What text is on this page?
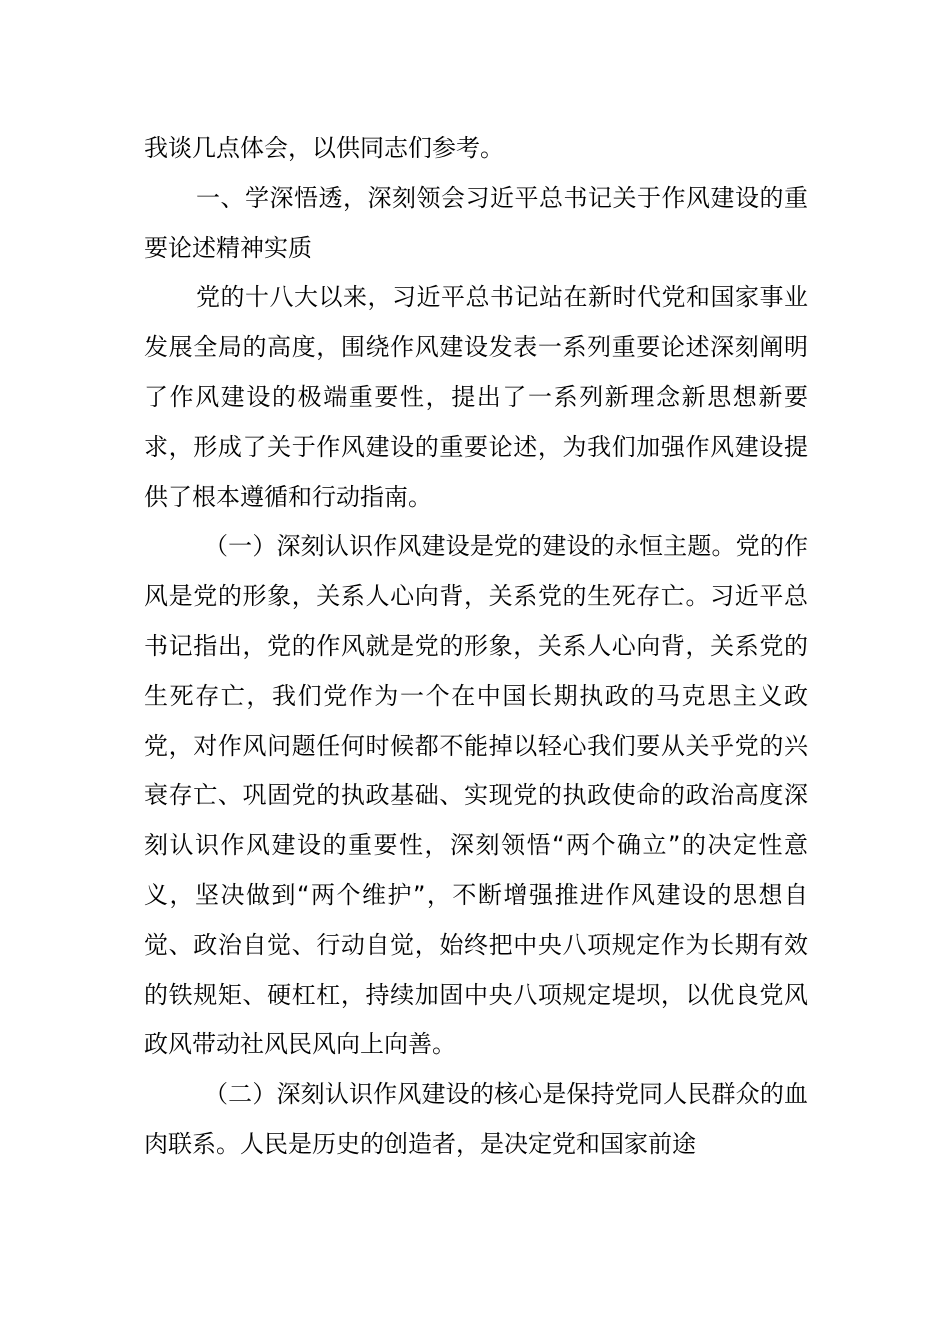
我谈几点体会，以供同志们参考。

一、学深悟透，深刻领会习近平总书记关于作风建设的重要论述精神实质

党的十八大以来，习近平总书记站在新时代党和国家事业发展全局的高度，围绕作风建设发表一系列重要论述深刻阐明了作风建设的极端重要性，提出了一系列新理念新思想新要求，形成了关于作风建设的重要论述，为我们加强作风建设提供了根本遵循和行动指南。

（一）深刻认识作风建设是党的建设的永恒主题。党的作风是党的形象，关系人心向背，关系党的生死存亡。习近平总书记指出，党的作风就是党的形象，关系人心向背，关系党的生死存亡，我们党作为一个在中国长期执政的马克思主义政党，对作风问题任何时候都不能掉以轻心我们要从关乎党的兴衰存亡、巩固党的执政基础、实现党的执政使命的政治高度深刻认识作风建设的重要性，深刻领悟“两个确立”的决定性意义，坚决做到“两个维护”，不断增强推进作风建设的思想自觉、政治自觉、行动自觉，始终把中央八项规定作为长期有效的铁规矩、硬杠杠，持续加固中央八项规定堤坝，以优良党风政风带动社风民风向上向善。

（二）深刻认识作风建设的核心是保持党同人民群众的血肉联系。人民是历史的创造者，是决定党和国家前途
